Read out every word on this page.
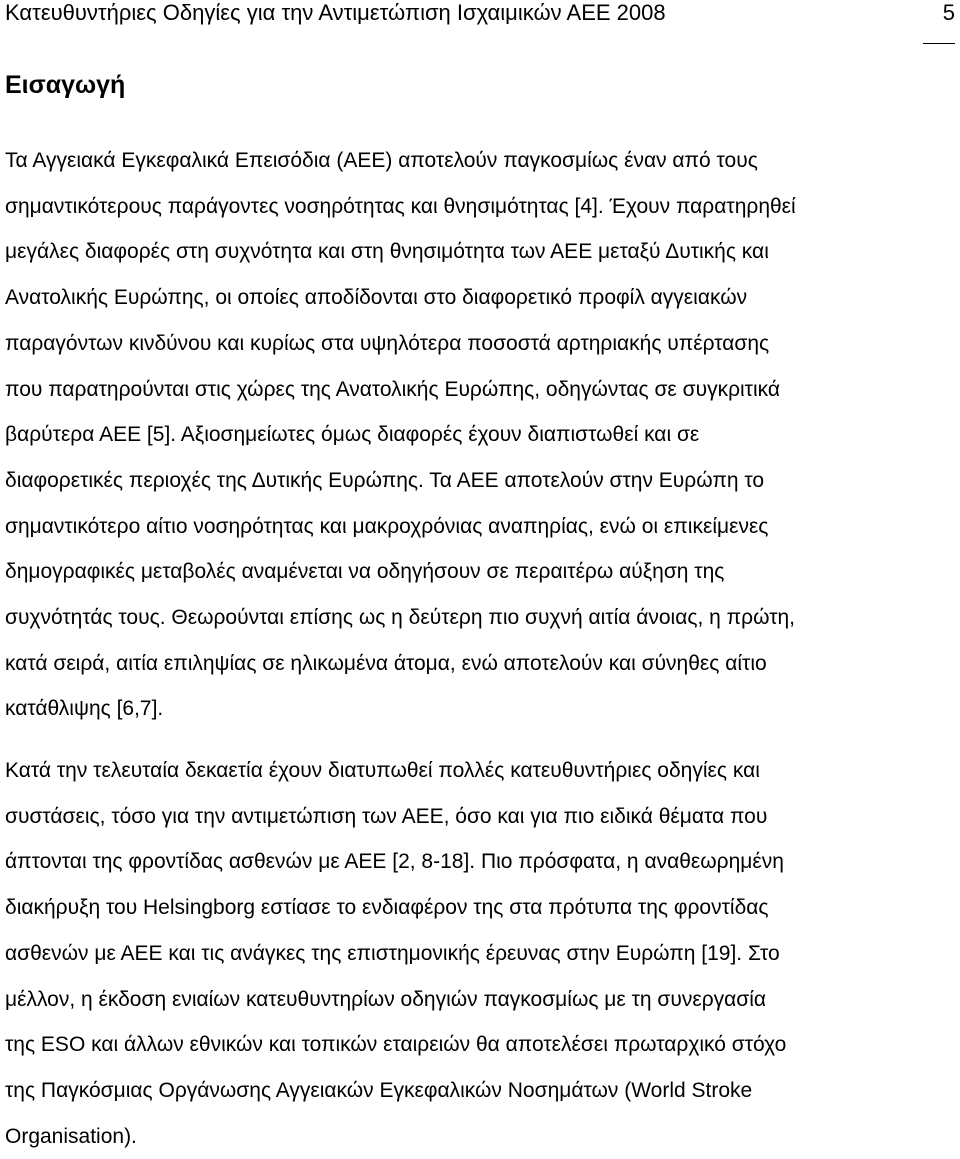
Κατευθυντήριες Οδηγίες για την Αντιμετώπιση Ισχαιμικών ΑΕΕ 2008	5
Εισαγωγή

Τα Αγγειακά Εγκεφαλικά Επεισόδια (ΑΕΕ) αποτελούν παγκοσμίως έναν από τους
σημαντικότερους παράγοντες νοσηρότητας και θνησιμότητας [4]. Έχουν παρατηρηθεί
μεγάλες διαφορές στη συχνότητα και στη θνησιμότητα των ΑΕΕ μεταξύ Δυτικής και
Ανατολικής Ευρώπης, οι οποίες αποδίδονται στο διαφορετικό προφίλ αγγειακών
παραγόντων κινδύνου και κυρίως στα υψηλότερα ποσοστά αρτηριακής υπέρτασης
που παρατηρούνται στις χώρες της Ανατολικής Ευρώπης, οδηγώντας σε συγκριτικά
βαρύτερα ΑΕΕ [5]. Αξιοσημείωτες όμως διαφορές έχουν διαπιστωθεί και σε
διαφορετικές περιοχές της Δυτικής Ευρώπης. Τα ΑΕΕ αποτελούν στην Ευρώπη το
σημαντικότερο αίτιο νοσηρότητας και μακροχρόνιας αναπηρίας, ενώ οι επικείμενες
δημογραφικές μεταβολές αναμένεται να οδηγήσουν σε περαιτέρω αύξηση της
συχνότητάς τους. Θεωρούνται επίσης ως η δεύτερη πιο συχνή αιτία άνοιας, η πρώτη,
κατά σειρά, αιτία επιληψίας σε ηλικωμένα άτομα, ενώ αποτελούν και σύνηθες αίτιο
κατάθλιψης [6,7].

Κατά την τελευταία δεκαετία έχουν διατυπωθεί πολλές κατευθυντήριες οδηγίες και
συστάσεις, τόσο για την αντιμετώπιση των ΑΕΕ, όσο και για πιο ειδικά θέματα που
άπτονται της φροντίδας ασθενών με ΑΕΕ [2, 8-18]. Πιο πρόσφατα, η αναθεωρημένη
διακήρυξη του Helsingborg εστίασε το ενδιαφέρον της στα πρότυπα της φροντίδας
ασθενών με ΑΕΕ και τις ανάγκες της επιστημονικής έρευνας στην Ευρώπη [19]. Στο
μέλλον, η έκδοση ενιαίων κατευθυντηρίων οδηγιών παγκοσμίως με τη συνεργασία
της ESO και άλλων εθνικών και τοπικών εταιρειών θα αποτελέσει πρωταρχικό στόχο
της Παγκόσμιας Οργάνωσης Αγγειακών Εγκεφαλικών Νοσημάτων (World Stroke
Organisation).
